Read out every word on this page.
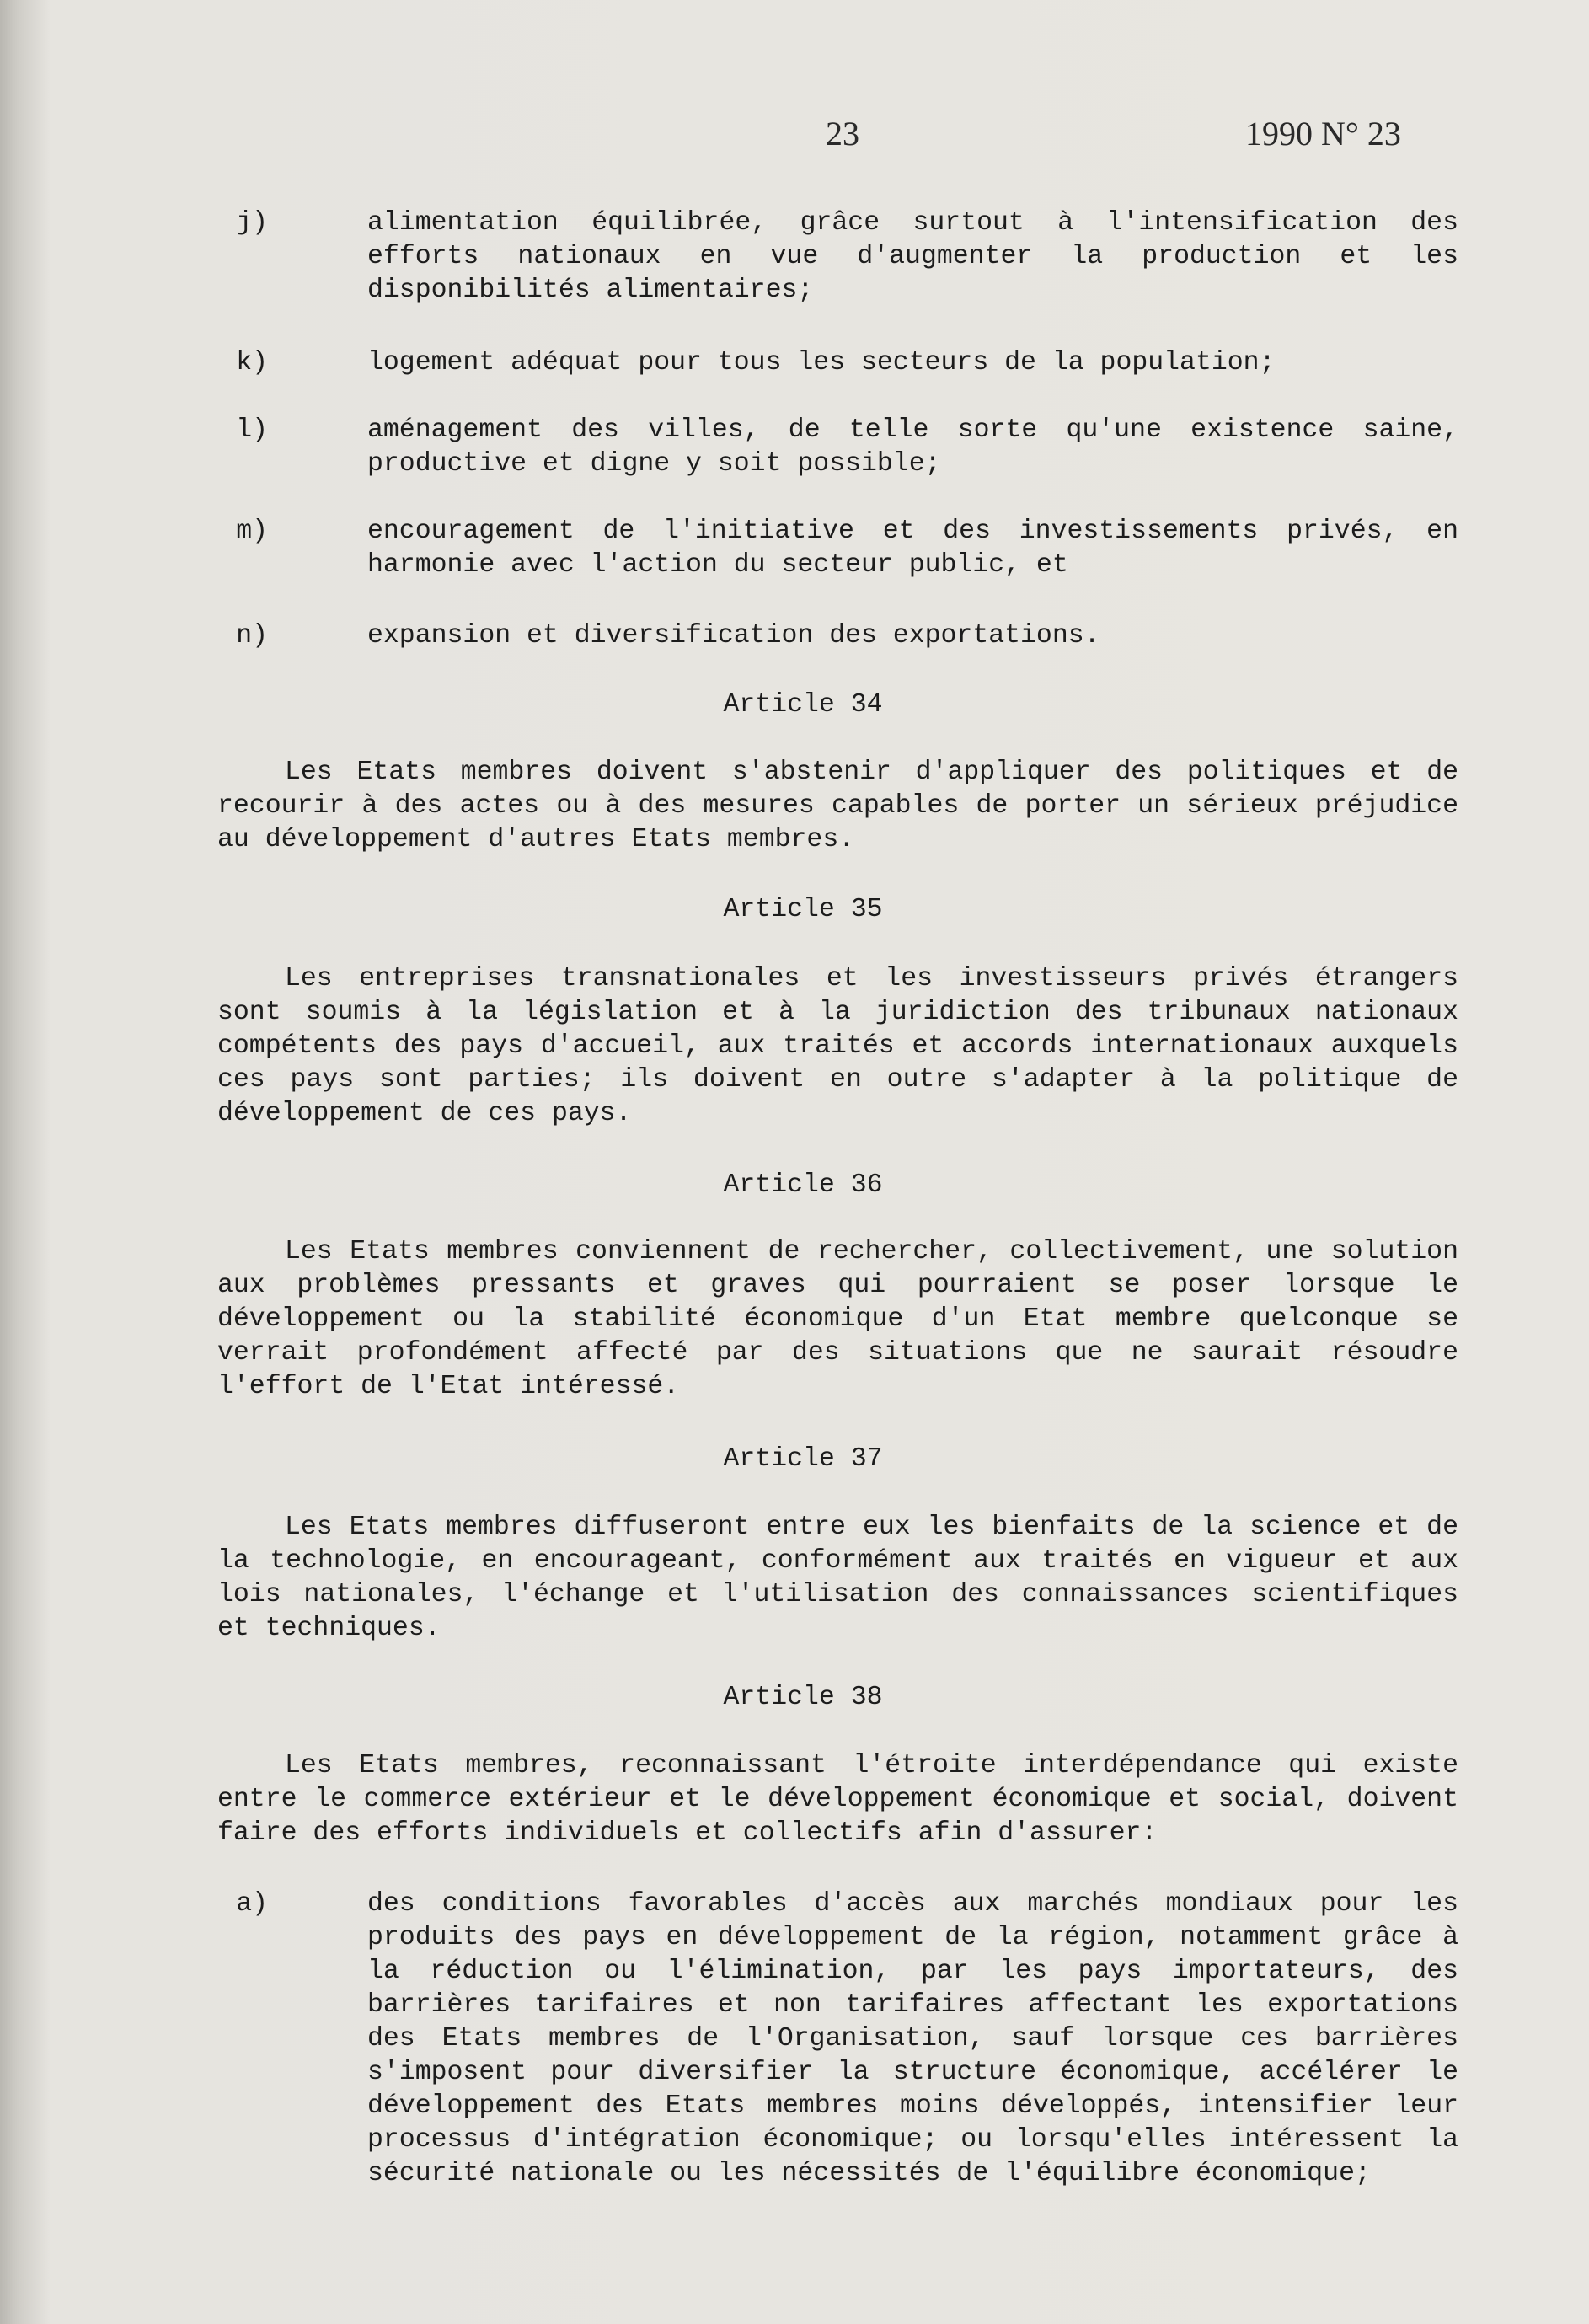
23	1990 N° 23
j)	alimentation équilibrée, grâce surtout à l'intensification des efforts nationaux en vue d'augmenter la production et les disponibilités alimentaires;
k)	logement adéquat pour tous les secteurs de la population;
l)	aménagement des villes, de telle sorte qu'une existence saine, productive et digne y soit possible;
m)	encouragement de l'initiative et des investissements privés, en harmonie avec l'action du secteur public, et
n)	expansion et diversification des exportations.
Article 34
Les Etats membres doivent s'abstenir d'appliquer des politiques et de recourir à des actes ou à des mesures capables de porter un sérieux préjudice au développement d'autres Etats membres.
Article 35
Les entreprises transnationales et les investisseurs privés étrangers sont soumis à la législation et à la juridiction des tribunaux nationaux compétents des pays d'accueil, aux traités et accords internationaux auxquels ces pays sont parties; ils doivent en outre s'adapter à la politique de développement de ces pays.
Article 36
Les Etats membres conviennent de rechercher, collectivement, une solution aux problèmes pressants et graves qui pourraient se poser lorsque le développement ou la stabilité économique d'un Etat membre quelconque se verrait profondément affecté par des situations que ne saurait résoudre l'effort de l'Etat intéressé.
Article 37
Les Etats membres diffuseront entre eux les bienfaits de la science et de la technologie, en encourageant, conformément aux traités en vigueur et aux lois nationales, l'échange et l'utilisation des connaissances scientifiques et techniques.
Article 38
Les Etats membres, reconnaissant l'étroite interdépendance qui existe entre le commerce extérieur et le développement économique et social, doivent faire des efforts individuels et collectifs afin d'assurer:
a)	des conditions favorables d'accès aux marchés mondiaux pour les produits des pays en développement de la région, notamment grâce à la réduction ou l'élimination, par les pays importateurs, des barrières tarifaires et non tarifaires affectant les exportations des Etats membres de l'Organisation, sauf lorsque ces barrières s'imposent pour diversifier la structure économique, accélérer le développement des Etats membres moins développés, intensifier leur processus d'intégration économique; ou lorsqu'elles intéressent la sécurité nationale ou les nécessités de l'équilibre économique;
